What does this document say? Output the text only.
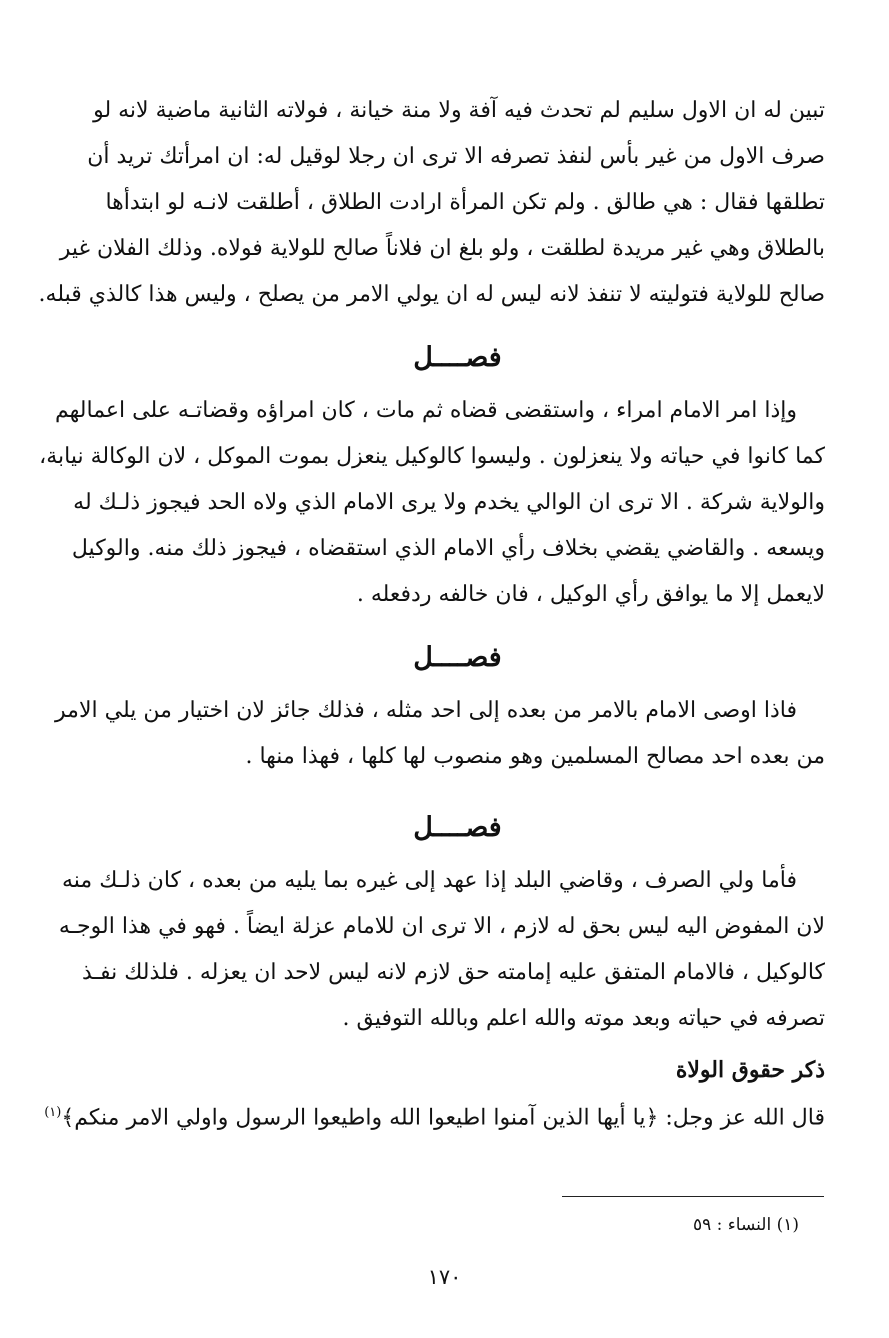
تبين له ان الاول سليم لم تحدث فيه آفة ولا منة خيانة ، فولاته الثانية ماضية لانه لو
صرف الاول من غير بأس لنفذ تصرفه الا ترى ان رجلا لوقيل له: ان امرأتك تريد أن
تطلقها فقال : هي طالق . ولم تكن المرأة ارادت الطلاق ، أطلقت لانـه لو ابتدأها
بالطلاق وهي غير مريدة لطلقت ، ولو بلغ ان فلاناً صالح للولاية فولاه. وذلك الفلان غير
صالح للولاية فتوليته لا تنفذ لانه ليس له ان يولي الامر من يصلح ، وليس هذا كالذي قبله.

فصــــل

وإذا امر الامام امراء ، واستقضى قضاه ثم مات ، كان امراؤه وقضاتـه على اعمالهم
كما كانوا في حياته ولا ينعزلون . وليسوا كالوكيل ينعزل بموت الموكل ، لان الوكالة نيابة،
والولاية شركة . الا ترى ان الوالي يخدم ولا يرى الامام الذي ولاه الحد فيجوز ذلـك له
ويسعه . والقاضي يقضي بخلاف رأي الامام الذي استقضاه ، فيجوز ذلك منه. والوكيل
لايعمل إلا ما يوافق رأي الوكيل ، فان خالفه ردفعله .

فصــــل

فاذا اوصى الامام بالامر من بعده إلى احد مثله ، فذلك جائز لان اختيار من يلي الامر
من بعده احد مصالح المسلمين وهو منصوب لها كلها ، فهذا منها .

فصــــل

فأما ولي الصرف ، وقاضي البلد إذا عهد إلى غيره بما يليه من بعده ، كان ذلـك منه
لان المفوض اليه ليس بحق له لازم ، الا ترى ان للامام عزلة ايضاً . فهو في هذا الوجـه
كالوكيل ، فالامام المتفق عليه إمامته حق لازم لانه ليس لاحد ان يعزله . فلذلك نفـذ
تصرفه في حياته وبعد موته والله اعلم وبالله التوفيق .

ذكر حقوق الولاة

قال الله عز وجل: ﴿يا أيها الذين آمنوا اطيعوا الله واطيعوا الرسول واولي الامر منكم﴾$^{(١)}$

(١) النساء : ٥٩
١٧٠
